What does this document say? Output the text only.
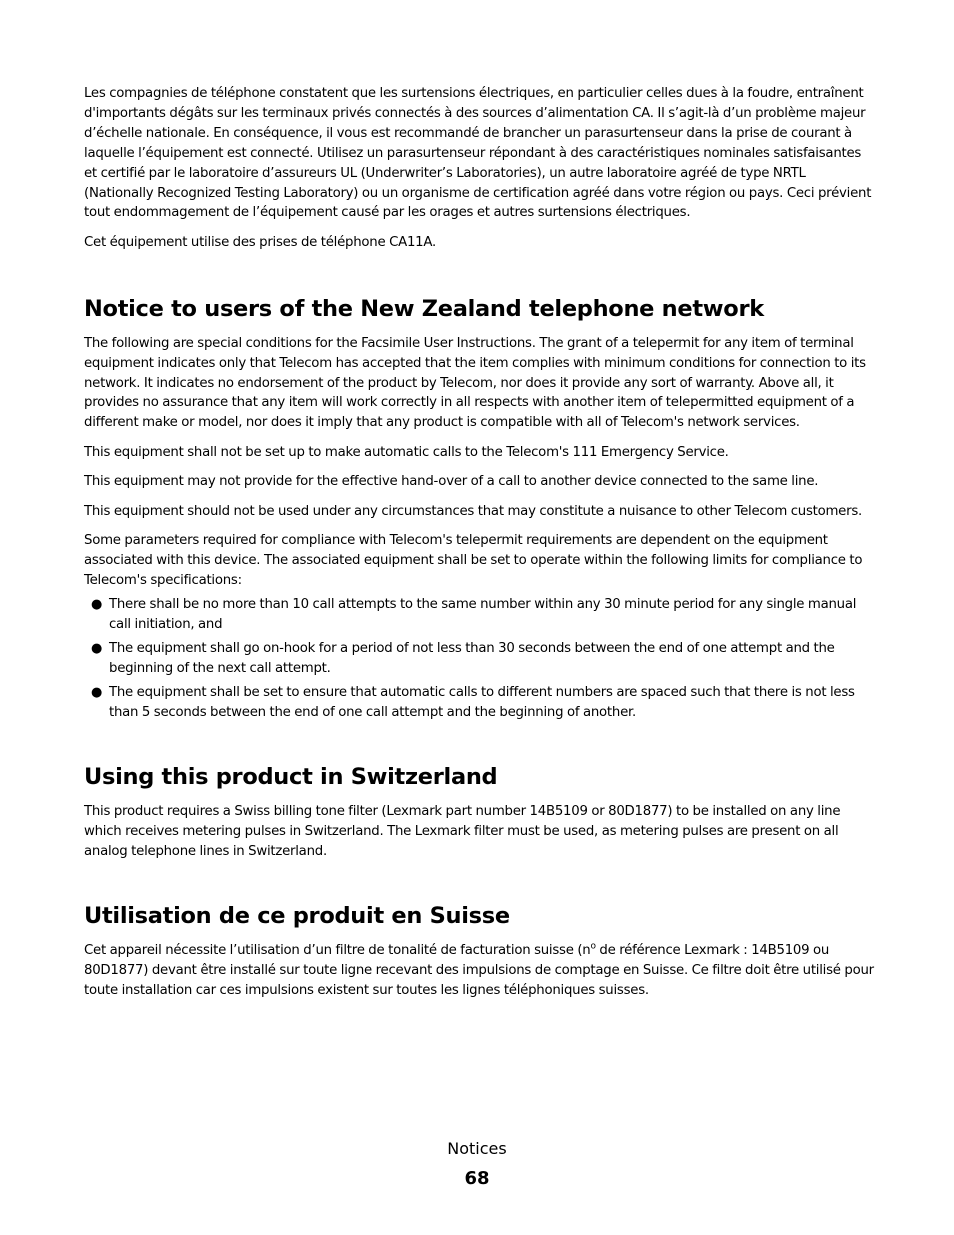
Les compagnies de téléphone constatent que les surtensions électriques, en particulier celles dues à la foudre, entraînent d'importants dégâts sur les terminaux privés connectés à des sources d’alimentation CA. Il s’agit-là d’un problème majeur d’échelle nationale. En conséquence, il vous est recommandé de brancher un parasurtenseur dans la prise de courant à laquelle l’équipement est connecté. Utilisez un parasurtenseur répondant à des caractéristiques nominales satisfaisantes et certifié par le laboratoire d’assureurs UL (Underwriter’s Laboratories), un autre laboratoire agréé de type NRTL (Nationally Recognized Testing Laboratory) ou un organisme de certification agréé dans votre région ou pays. Ceci prévient tout endommagement de l’équipement causé par les orages et autres surtensions électriques.

Cet équipement utilise des prises de téléphone CA11A.

Notice to users of the New Zealand telephone network

The following are special conditions for the Facsimile User Instructions. The grant of a telepermit for any item of terminal equipment indicates only that Telecom has accepted that the item complies with minimum conditions for connection to its network. It indicates no endorsement of the product by Telecom, nor does it provide any sort of warranty. Above all, it provides no assurance that any item will work correctly in all respects with another item of telepermitted equipment of a different make or model, nor does it imply that any product is compatible with all of Telecom's network services.

This equipment shall not be set up to make automatic calls to the Telecom's 111 Emergency Service.

This equipment may not provide for the effective hand-over of a call to another device connected to the same line.

This equipment should not be used under any circumstances that may constitute a nuisance to other Telecom customers.

Some parameters required for compliance with Telecom's telepermit requirements are dependent on the equipment associated with this device. The associated equipment shall be set to operate within the following limits for compliance to Telecom's specifications:

● There shall be no more than 10 call attempts to the same number within any 30 minute period for any single manual call initiation, and
● The equipment shall go on-hook for a period of not less than 30 seconds between the end of one attempt and the beginning of the next call attempt.
● The equipment shall be set to ensure that automatic calls to different numbers are spaced such that there is not less than 5 seconds between the end of one call attempt and the beginning of another.
Using this product in Switzerland

This product requires a Swiss billing tone filter (Lexmark part number 14B5109 or 80D1877) to be installed on any line which receives metering pulses in Switzerland. The Lexmark filter must be used, as metering pulses are present on all analog telephone lines in Switzerland.

Utilisation de ce produit en Suisse

Cet appareil nécessite l’utilisation d’un filtre de tonalité de facturation suisse ($n^o$ de référence Lexmark : 14B5109 ou 80D1877) devant être installé sur toute ligne recevant des impulsions de comptage en Suisse. Ce filtre doit être utilisé pour toute installation car ces impulsions existent sur toutes les lignes téléphoniques suisses.

Notices
68
